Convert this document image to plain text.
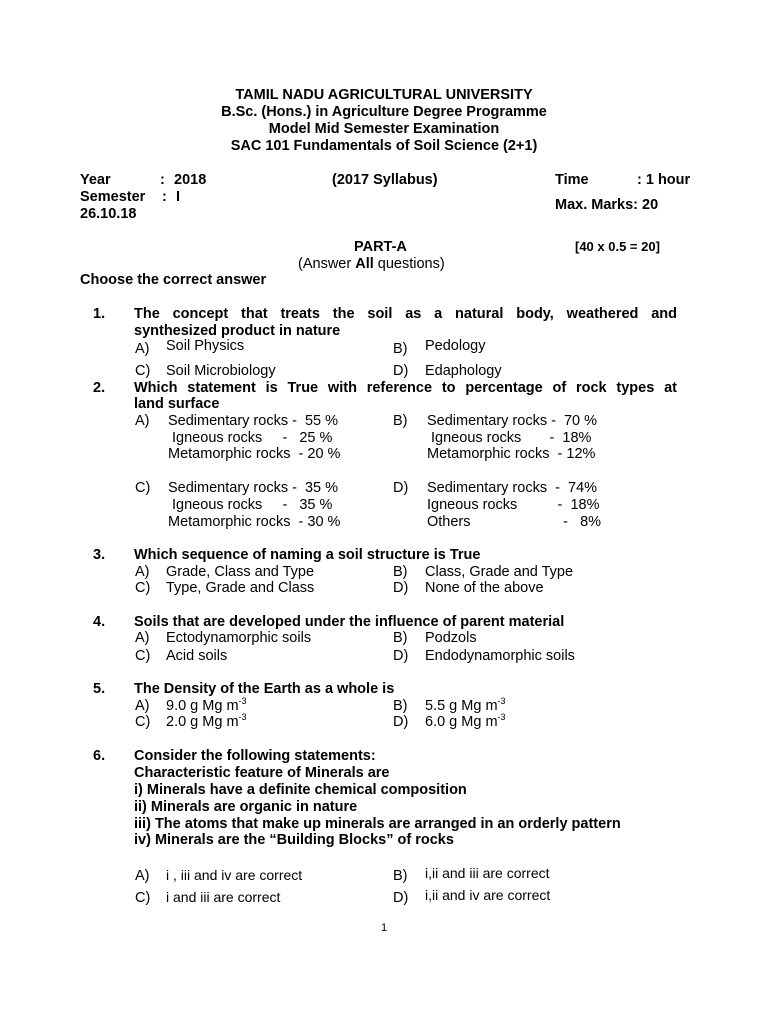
TAMIL NADU AGRICULTURAL UNIVERSITY
B.Sc. (Hons.) in Agriculture Degree Programme
Model Mid Semester Examination
SAC 101 Fundamentals of Soil Science (2+1)
Year	: 2018
Semester : I
26.10.18
(2017 Syllabus)	Time	: 1 hour
Max. Marks: 20
PART-A	[40 x 0.5 = 20]
(Answer All questions)
Choose the correct answer
1. The concept that treats the soil as a natural body, weathered and
synthesized product in nature
A) Soil Physics	B) Pedology
C) Soil Microbiology	D) Edaphology
2. Which statement is True with reference to percentage of rock types at
land surface
A) Sedimentary rocks -  55 %
Igneous rocks     -   25 %
Metamorphic rocks  - 20 %
B) Sedimentary rocks -  70 %
Igneous rocks       -  18%
Metamorphic rocks  - 12%
C) Sedimentary rocks -  35 %
Igneous rocks     -   35 %
Metamorphic rocks  - 30 %
D) Sedimentary rocks  -  74%
Igneous rocks          -  18%
Others                       -   8%
3. Which sequence of naming a soil structure is True
A) Grade, Class and Type	B) Class, Grade and Type
C) Type, Grade and Class	D) None of the above
4. Soils that are developed under the influence of parent material
A) Ectodynamorphic soils	B) Podzols
C) Acid soils	D) Endodynamorphic soils
5. The Density of the Earth as a whole is
A) 9.0 g Mg $m^{-3}$	B) 5.5 g Mg $m^{-3}$
C) 2.0 g Mg $m^{-3}$	D) 6.0 g Mg $m^{-3}$
6. Consider the following statements:
Characteristic feature of Minerals are
i) Minerals have a definite chemical composition
ii) Minerals are organic in nature
iii) The atoms that make up minerals are arranged in an orderly pattern
iv) Minerals are the “Building Blocks” of rocks
A) i , iii and iv are correct	B) i,ii and iii are correct
C) i and iii are correct	D) i,ii and iv are correct
1
